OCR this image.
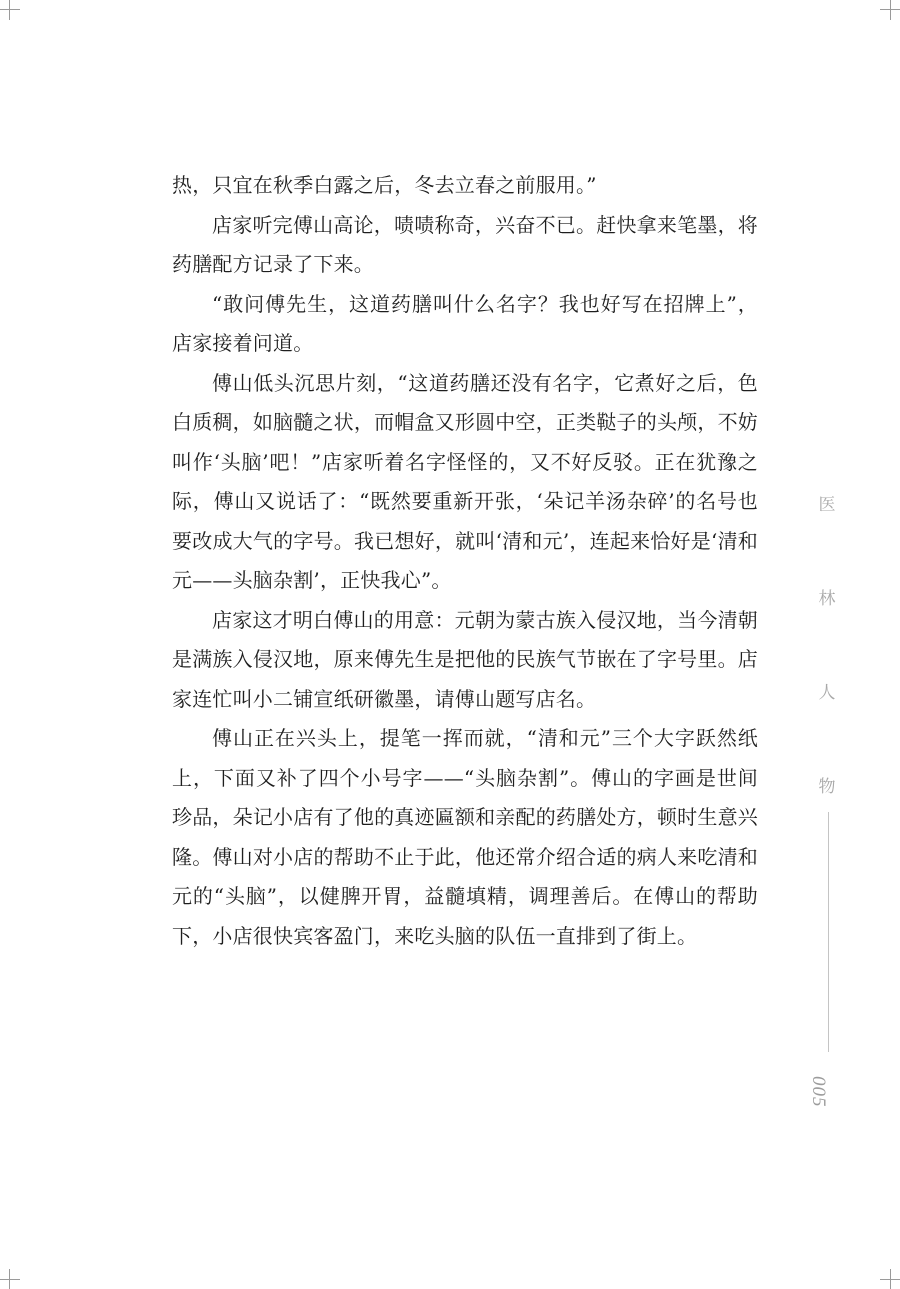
热，只宜在秋季白露之后，冬去立春之前服用。”

店家听完傅山高论，啧啧称奇，兴奋不已。赶快拿来笔墨，将药膳配方记录了下来。

“敢问傅先生，这道药膳叫什么名字？我也好写在招牌上”，店家接着问道。

傅山低头沉思片刻，“这道药膳还没有名字，它煮好之后，色白质稠，如脑髓之状，而帽盒又形圆中空，正类鞑子的头颅，不妨叫作‘头脑’吧！”店家听着名字怪怪的，又不好反驳。正在犹豫之际，傅山又说话了：“既然要重新开张，‘朵记羊汤杂碎’的名号也要改成大气的字号。我已想好，就叫‘清和元’，连起来恰好是‘清和元——头脑杂割’，正快我心”。

店家这才明白傅山的用意：元朝为蒙古族入侵汉地，当今清朝是满族入侵汉地，原来傅先生是把他的民族气节嵌在了字号里。店家连忙叫小二铺宣纸研徽墨，请傅山题写店名。

傅山正在兴头上，提笔一挥而就，“清和元”三个大字跃然纸上，下面又补了四个小号字——“头脑杂割”。傅山的字画是世间珍品，朵记小店有了他的真迹匾额和亲配的药膳处方，顿时生意兴隆。傅山对小店的帮助不止于此，他还常介绍合适的病人来吃清和元的“头脑”，以健脾开胃，益髓填精，调理善后。在傅山的帮助下，小店很快宾客盈门，来吃头脑的队伍一直排到了街上。

医
林
人
物
005
